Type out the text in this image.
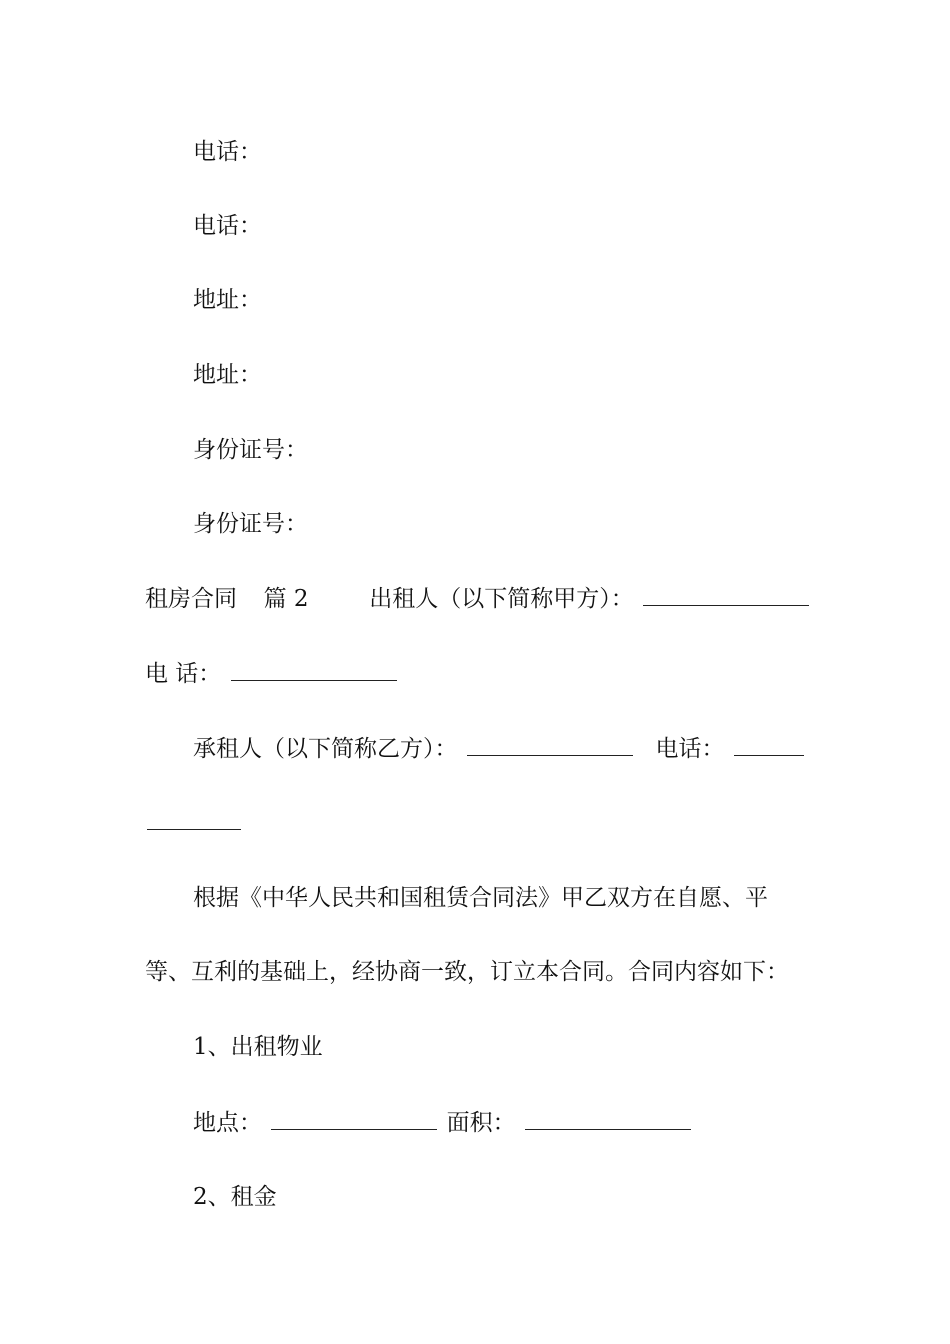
电话：
电话：
地址：
地址：
身份证号：
身份证号：
租房合同 篇 2	出租人（以下简称甲方）：
电 话：
承租人（以下简称乙方）：	电话：
根据《中华人民共和国租赁合同法》甲乙双方在自愿、平
等、互利的基础上，经协商一致，订立本合同。合同内容如下：
1、出租物业
地点：	面积：
2、租金
